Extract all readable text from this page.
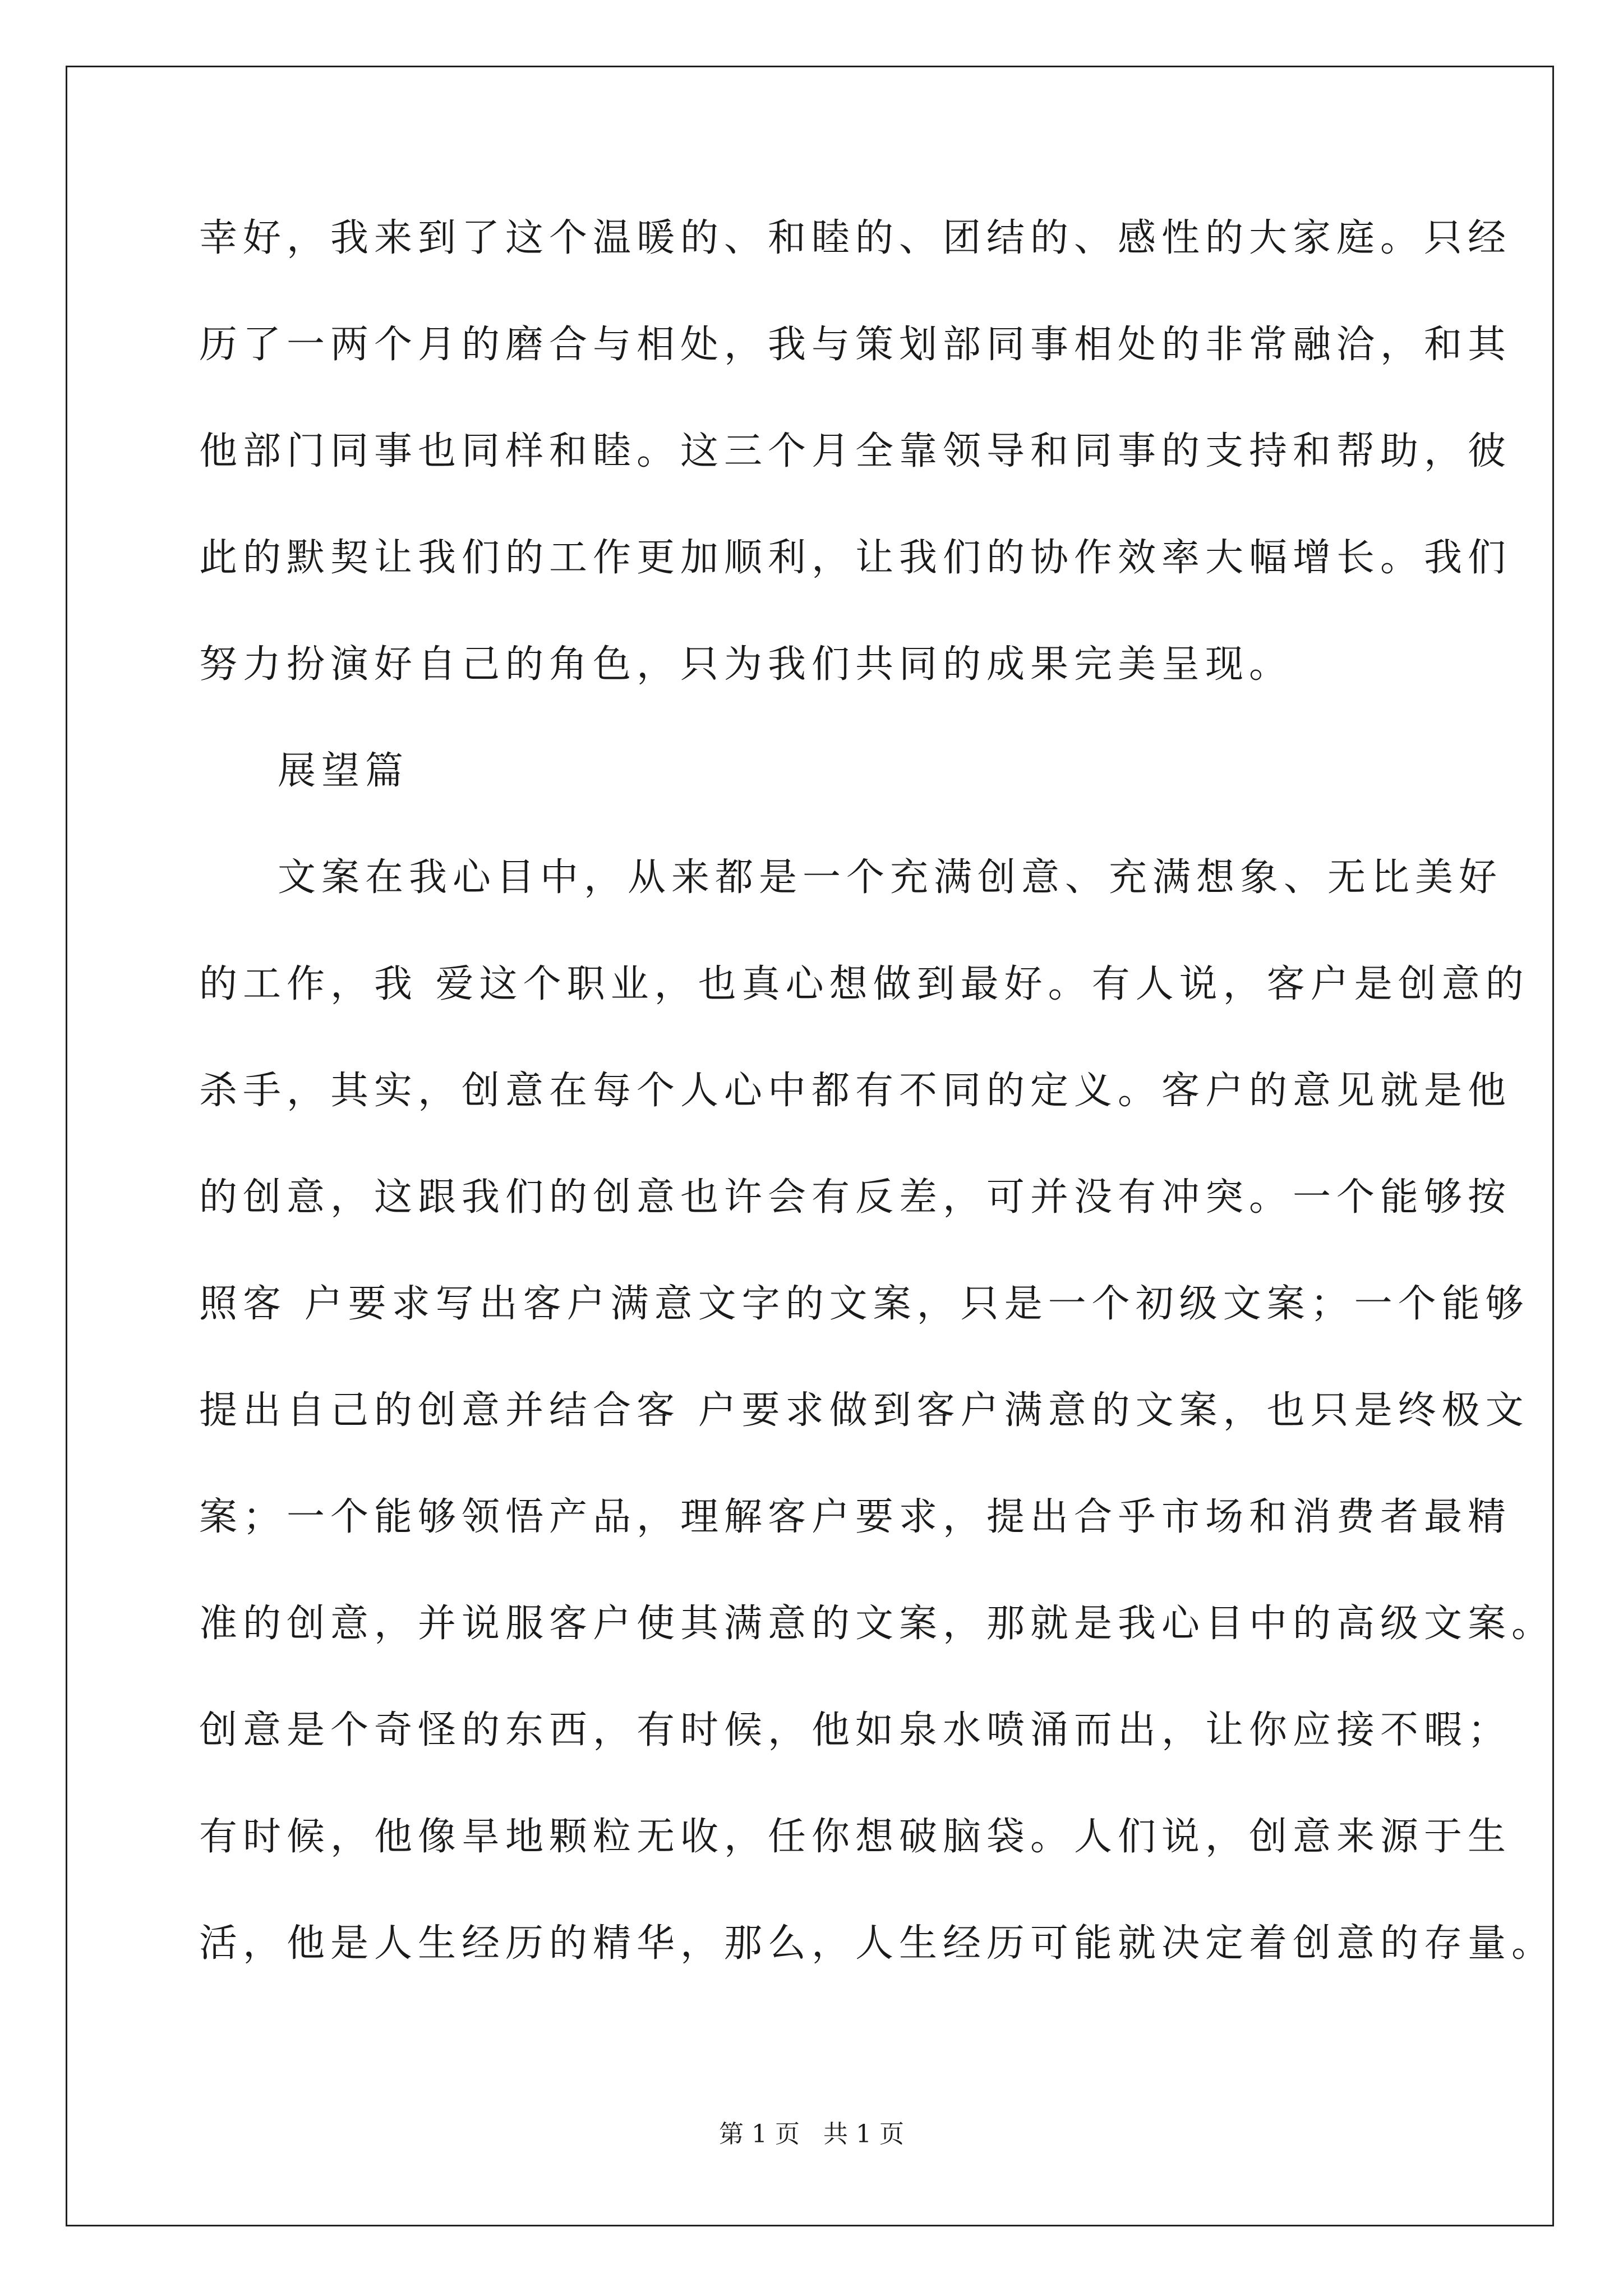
幸好，我来到了这个温暖的、和睦的、团结的、感性的大家庭。只经
历了一两个月的磨合与相处，我与策划部同事相处的非常融洽，和其
他部门同事也同样和睦。这三个月全靠领导和同事的支持和帮助，彼
此的默契让我们的工作更加顺利，让我们的协作效率大幅增长。我们
努力扮演好自己的角色，只为我们共同的成果完美呈现。
展望篇
文案在我心目中，从来都是一个充满创意、充满想象、无比美好
的工作，我 爱这个职业，也真心想做到最好。有人说，客户是创意的
杀手，其实，创意在每个人心中都有不同的定义。客户的意见就是他
的创意，这跟我们的创意也许会有反差，可并没有冲突。一个能够按
照客 户要求写出客户满意文字的文案，只是一个初级文案；一个能够
提出自己的创意并结合客 户要求做到客户满意的文案，也只是终极文
案；一个能够领悟产品，理解客户要求，提出合乎市场和消费者最精
准的创意，并说服客户使其满意的文案，那就是我心目中的高级文案。
创意是个奇怪的东西，有时候，他如泉水喷涌而出，让你应接不暇；
有时候，他像旱地颗粒无收，任你想破脑袋。人们说，创意来源于生
活，他是人生经历的精华，那么，人生经历可能就决定着创意的存量。
第 1 页   共 1 页
